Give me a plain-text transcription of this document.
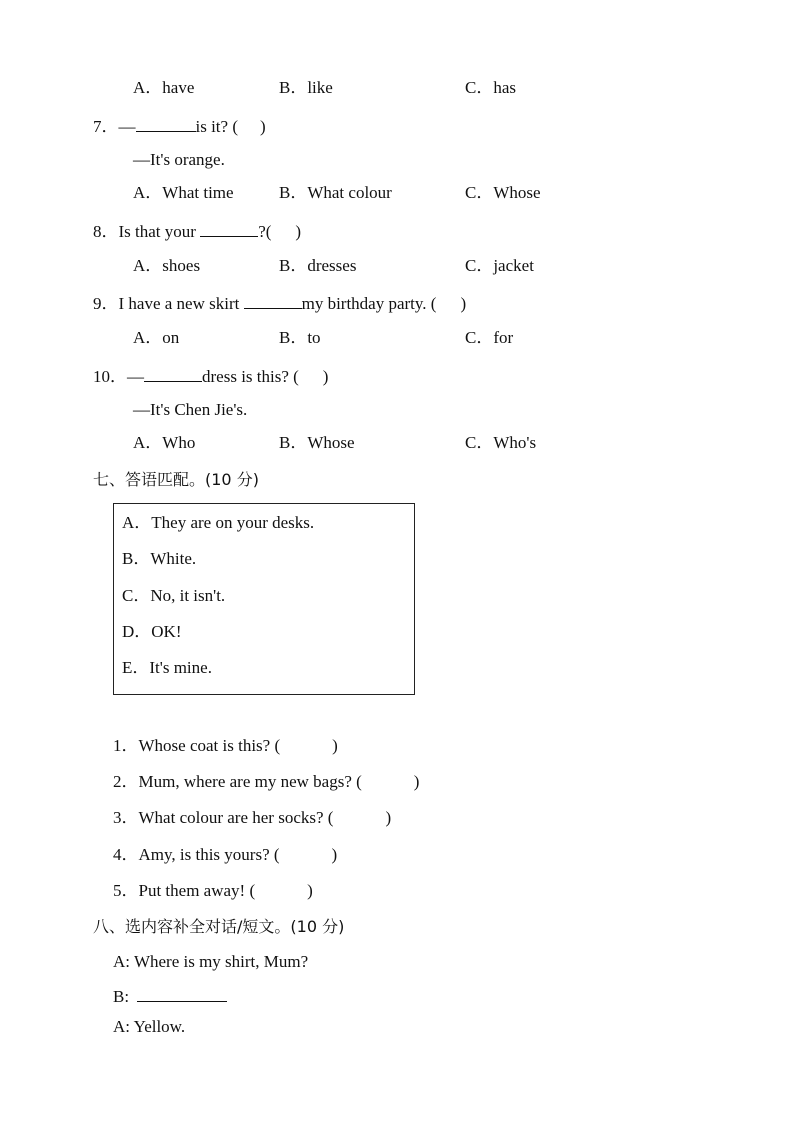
A．have	B．like	C．has
7．—	is it? ( )
—It's orange.
A．What time	B．What colour	C．Whose
8．Is that your	?( )
A．shoes	B．dresses	C．jacket
9．I have a new skirt	my birthday party. ( )
A．on	B．to	C．for
10．—	dress is this? ( )
—It's Chen Jie's.
A．Who	B．Whose	C．Who's
七、答语匹配。(10 分)
A．They are on your desks.
B．White.
C．No, it isn't.
D．OK!
E．It's mine.
1．Whose coat is this? (	)
2．Mum, where are my new bags? (	)
3．What colour are her socks? (	)
4．Amy, is this yours? (	)
5．Put them away! (	)
八、选内容补全对话/短文。(10 分)
A: Where is my shirt, Mum?
B:
A: Yellow.
